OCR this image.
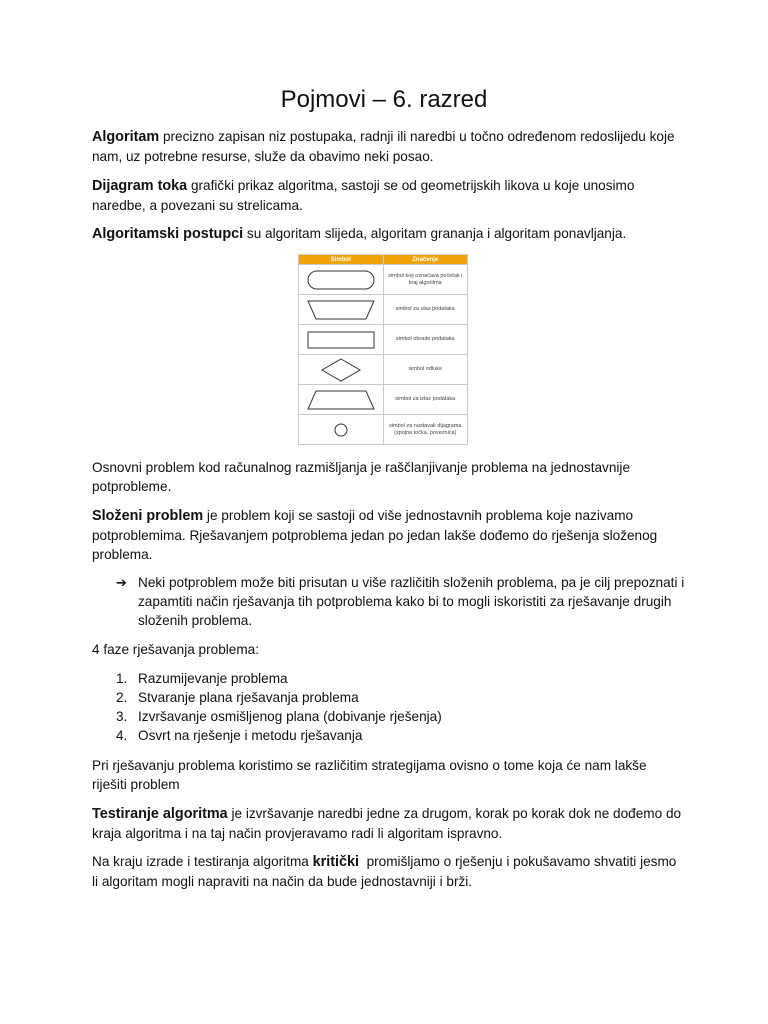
Pojmovi – 6. razred
Algoritam precizno zapisan niz postupaka, radnji ili naredbi u točno određenom redoslijedu koje nam, uz potrebne resurse, služe da obavimo neki posao.
Dijagram toka grafički prikaz algoritma, sastoji se od geometrijskih likova u koje unosimo naredbe, a povezani su strelicama.
Algoritamski postupci su algoritam slijeda, algoritam grananja i algoritam ponavljanja.
Simbol	Značenje

	simbol koji označava početak i kraj algoritma

	simbol za ulaz podataka

	simbol obrade podataka

	simbol odluke

	simbol za izlaz podataka

	simbol za nastavak dijagrama (spojna točka, poveznica)
Osnovni problem kod računalnog razmišljanja je raščlanjivanje problema na jednostavnije potprobleme.
Složeni problem je problem koji se sastoji od više jednostavnih problema koje nazivamo potproblemima. Rješavanjem potproblema jedan po jedan lakše dođemo do rješenja složenog problema.
➔ Neki potproblem može biti prisutan u više različitih složenih problema, pa je cilj prepoznati i zapamtiti način rješavanja tih potproblema kako bi to mogli iskoristiti za rješavanje drugih složenih problema.
4 faze rješavanja problema:
1. Razumijevanje problema
2. Stvaranje plana rješavanja problema
3. Izvršavanje osmišljenog plana (dobivanje rješenja)
4. Osvrt na rješenje i metodu rješavanja
Pri rješavanju problema koristimo se različitim strategijama ovisno o tome koja će nam lakše riješiti problem
Testiranje algoritma je izvršavanje naredbi jedne za drugom, korak po korak dok ne dođemo do kraja algoritma i na taj način provjeravamo radi li algoritam ispravno.
Na kraju izrade i testiranja algoritma kritički  promišljamo o rješenju i pokušavamo shvatiti jesmo li algoritam mogli napraviti na način da bude jednostavniji i brži.
